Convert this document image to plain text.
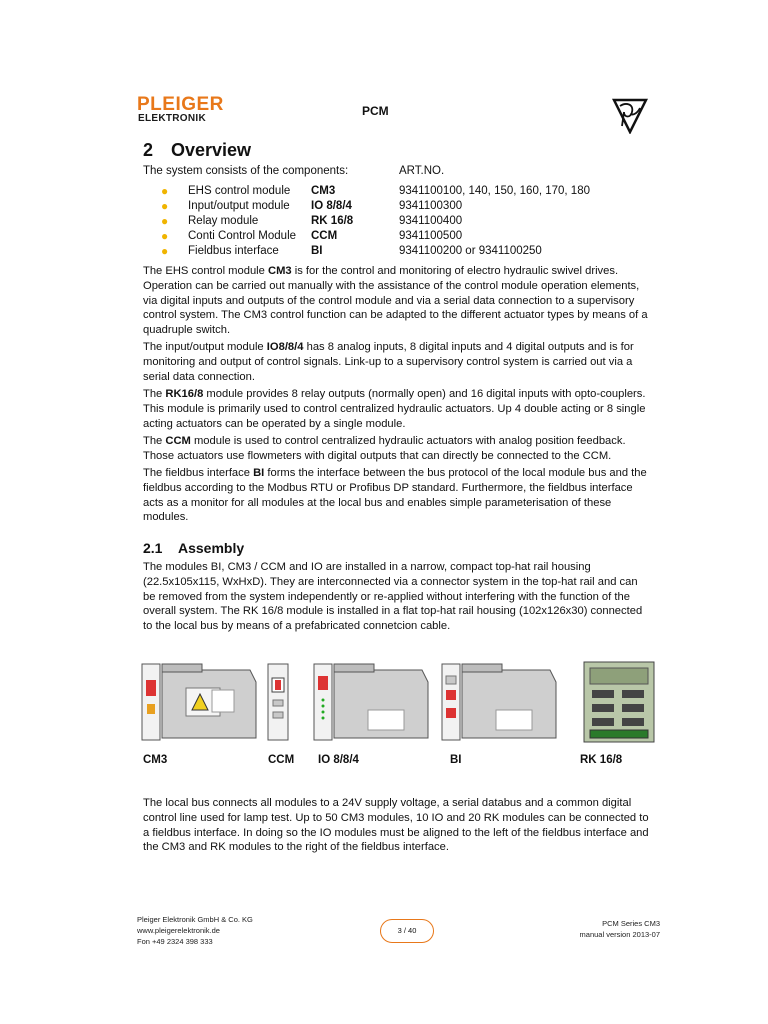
PLEIGER
ELEKTRONIK
PCM
2 Overview
The system consists of the components:	ART.NO.
● EHS control module CM3	9341100100, 140, 150, 160, 170, 180
● Input/output module IO 8/8/4	9341100300
● Relay module	RK 16/8	9341100400
● Conti Control Module CCM	9341100500
● Fieldbus interface	BI	9341100200 or 9341100250

The EHS control module CM3 is for the control and monitoring of electro hydraulic swivel drives. Operation can be carried out manually with the assistance of the control module operation elements, via digital inputs and outputs of the control module and via a serial data connection to a supervisory control system. The CM3 control function can be adapted to the different actuator types by means of a quadruple switch.

The input/output module IO8/8/4 has 8 analog inputs, 8 digital inputs and 4 digital outputs and is for monitoring and output of control signals. Link-up to a supervisory control system is carried out via a serial data connection.

The RK16/8 module provides 8 relay outputs (normally open) and 16 digital inputs with opto-couplers. This module is primarily used to control centralized hydraulic actuators. Up 4 double acting or 8 single acting actuators can be operated by a single module.

The CCM module is used to control centralized hydraulic actuators with analog position feedback. Those actuators use flowmeters with digital outputs that can directly be connected to the CCM.

The fieldbus interface BI forms the interface between the bus protocol of the local module bus and the fieldbus according to the Modbus RTU or Profibus DP standard. Furthermore, the fieldbus interface acts as a monitor for all modules at the local bus and enables simple parameterisation of these modules.

2.1 Assembly

The modules BI, CM3 / CCM and IO are installed in a narrow, compact top-hat rail housing (22.5x105x115, WxHxD). They are interconnected via a connector system in the top-hat rail and can be removed from the system independently or re-applied without interfering with the function of the overall system. The RK 16/8 module is installed in a flat top-hat rail housing (102x126x30) connected to the local bus by means of a prefabricated connetcion cable.

CM3	CCM IO 8/8/4	BI	RK 16/8

The local bus connects all modules to a 24V supply voltage, a serial databus and a common digital control line used for lamp test. Up to 50 CM3 modules, 10 IO and 20 RK modules can be connected to a fieldbus interface. In doing so the IO modules must be aligned to the left of the fieldbus interface and the CM3 and RK modules to the right of the fieldbus interface.

Pleiger Elektronik GmbH & Co. KG
www.pleigerelektronik.de
Fon +49 2324 398 333
3 / 40
PCM Series CM3
manual version 2013-07
